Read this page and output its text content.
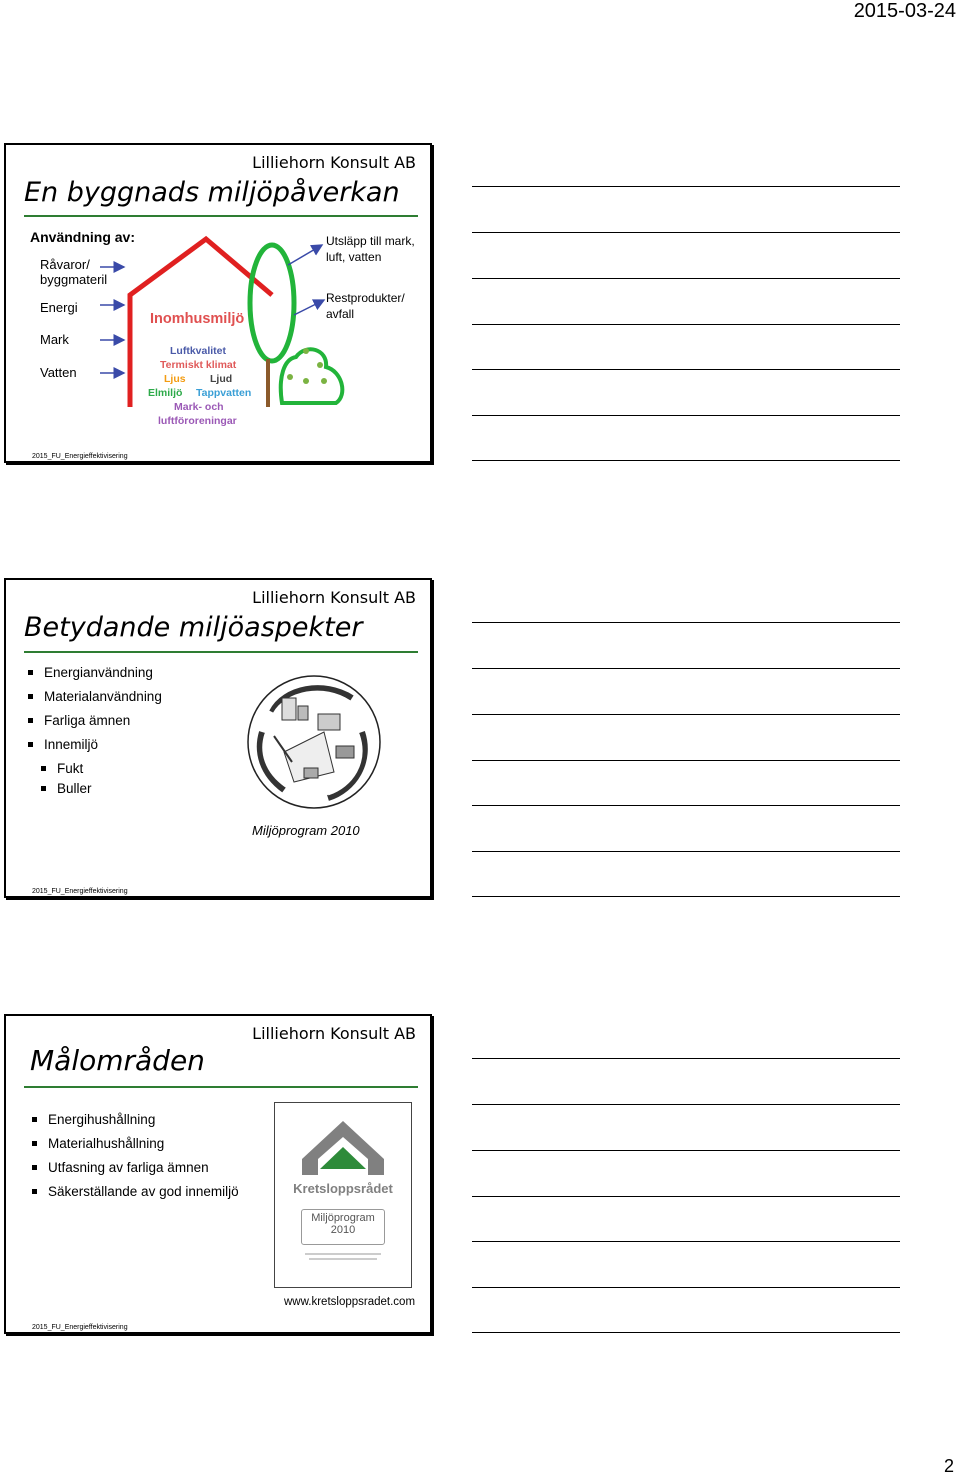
2015-03-24
2
Lilliehorn Konsult AB
En byggnads miljöpåverkan
Användning av:
Råvaror/
byggmateril
Energi
Mark
Vatten
Inomhusmiljö
Luftkvalitet
Termiskt klimat
Ljus Ljud
Elmiljö Tappvatten
Mark- och
luftföroreningar
Utsläpp till mark,
luft, vatten
Restprodukter/
avfall
2015_FU_Energieffektivisering
Lilliehorn Konsult AB
Betydande miljöaspekter
Energianvändning
Materialanvändning
Farliga ämnen
Innemiljö
Fukt
Buller
Miljöprogram 2010
2015_FU_Energieffektivisering
Lilliehorn Konsult AB
Målområden
Energihushållning
Materialhushållning
Utfasning av farliga ämnen
Säkerställande av god innemiljö	Kretsloppsrådet
Miljöprogram
2010
www.kretsloppsradet.com
2015_FU_Energieffektivisering
